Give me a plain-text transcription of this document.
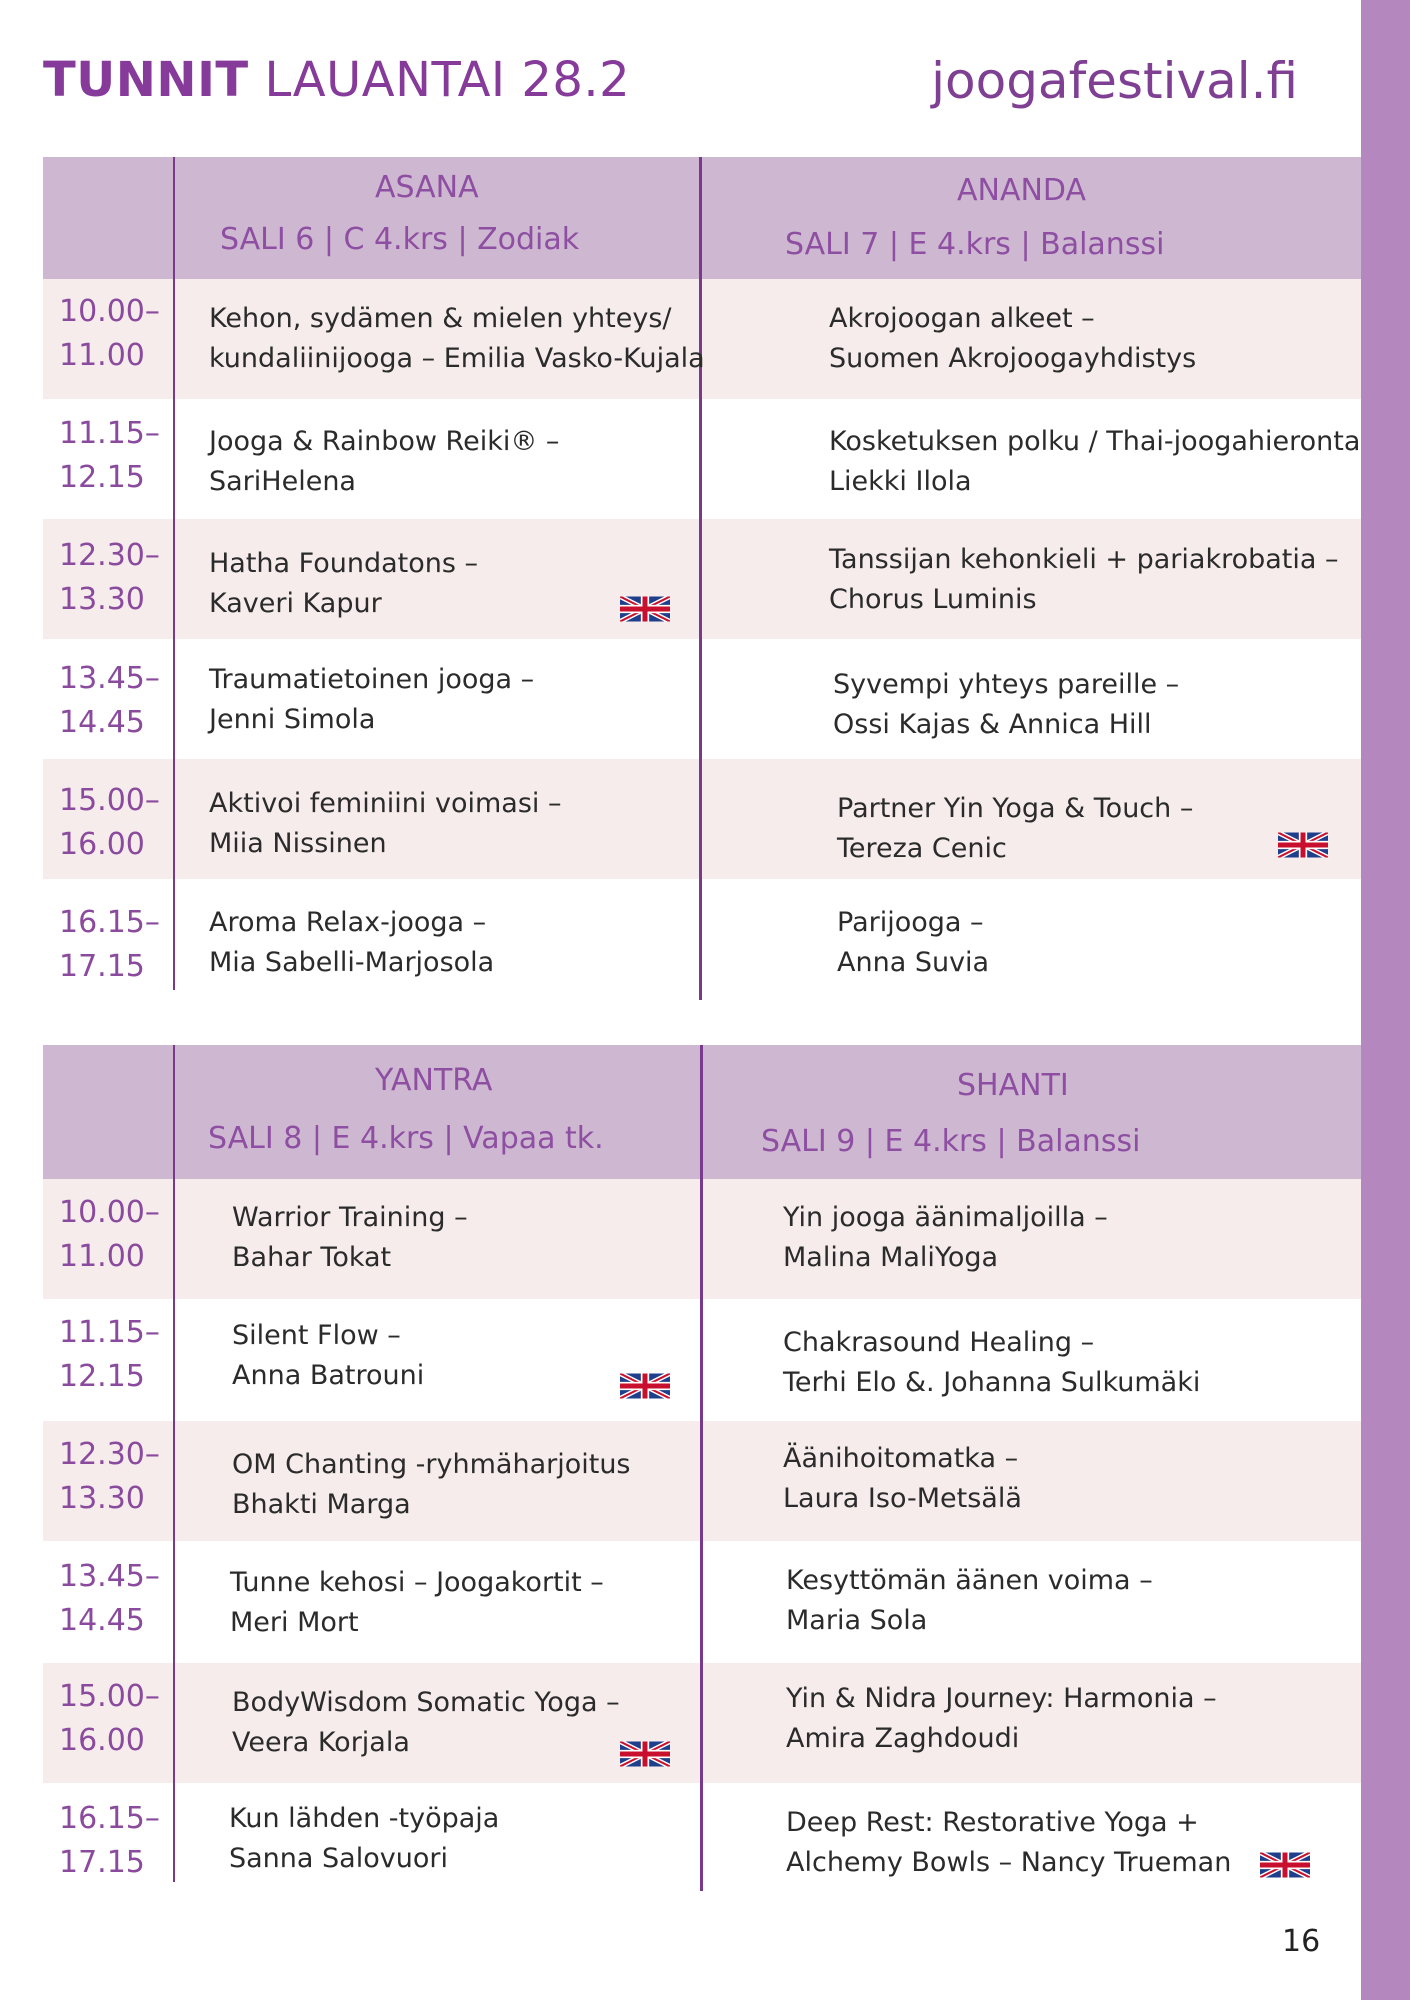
TUNNIT LAUANTAI 28.2	joogafestival.fi
ASANA
SALI 6 | C 4.krs | Zodiak
ANANDA
SALI 7 | E 4.krs | Balanssi
10.00–
11.00
Kehon, sydämen & mielen yhteys/
kundaliinijooga – Emilia Vasko-Kujala
Akrojoogan alkeet –
Suomen Akrojoogayhdistys
11.15–
12.15
Jooga & Rainbow Reiki® –
SariHelena
Kosketuksen polku / Thai-joogahieronta
Liekki Ilola
12.30–
13.30
Hatha Foundatons –
Kaveri Kapur
Tanssijan kehonkieli + pariakrobatia –
Chorus Luminis
13.45–
14.45
Traumatietoinen jooga –
Jenni Simola
Syvempi yhteys pareille –
Ossi Kajas & Annica Hill
15.00–
16.00
Aktivoi feminiini voimasi –
Miia Nissinen
Partner Yin Yoga & Touch –
Tereza Cenic
16.15–
17.15
Aroma Relax-jooga –
Mia Sabelli-Marjosola
Parijooga –
Anna Suvia
YANTRA
SALI 8 | E 4.krs | Vapaa tk.
SHANTI
SALI 9 | E 4.krs | Balanssi
10.00–
11.00
Warrior Training –
Bahar Tokat
Yin jooga äänimaljoilla –
Malina MaliYoga
11.15–
12.15
Silent Flow –
Anna Batrouni
Chakrasound Healing –
Terhi Elo &. Johanna Sulkumäki
12.30–
13.30
OM Chanting -ryhmäharjoitus
Bhakti Marga
Äänihoitomatka –
Laura Iso-Metsälä
13.45–
14.45
Tunne kehosi – Joogakortit –
Meri Mort
Kesyttömän äänen voima –
Maria Sola
15.00–
16.00
BodyWisdom Somatic Yoga –
Veera Korjala
Yin & Nidra Journey: Harmonia –
Amira Zaghdoudi
16.15–
17.15
Kun lähden -työpaja
Sanna Salovuori
Deep Rest: Restorative Yoga +
Alchemy Bowls – Nancy Trueman
16
